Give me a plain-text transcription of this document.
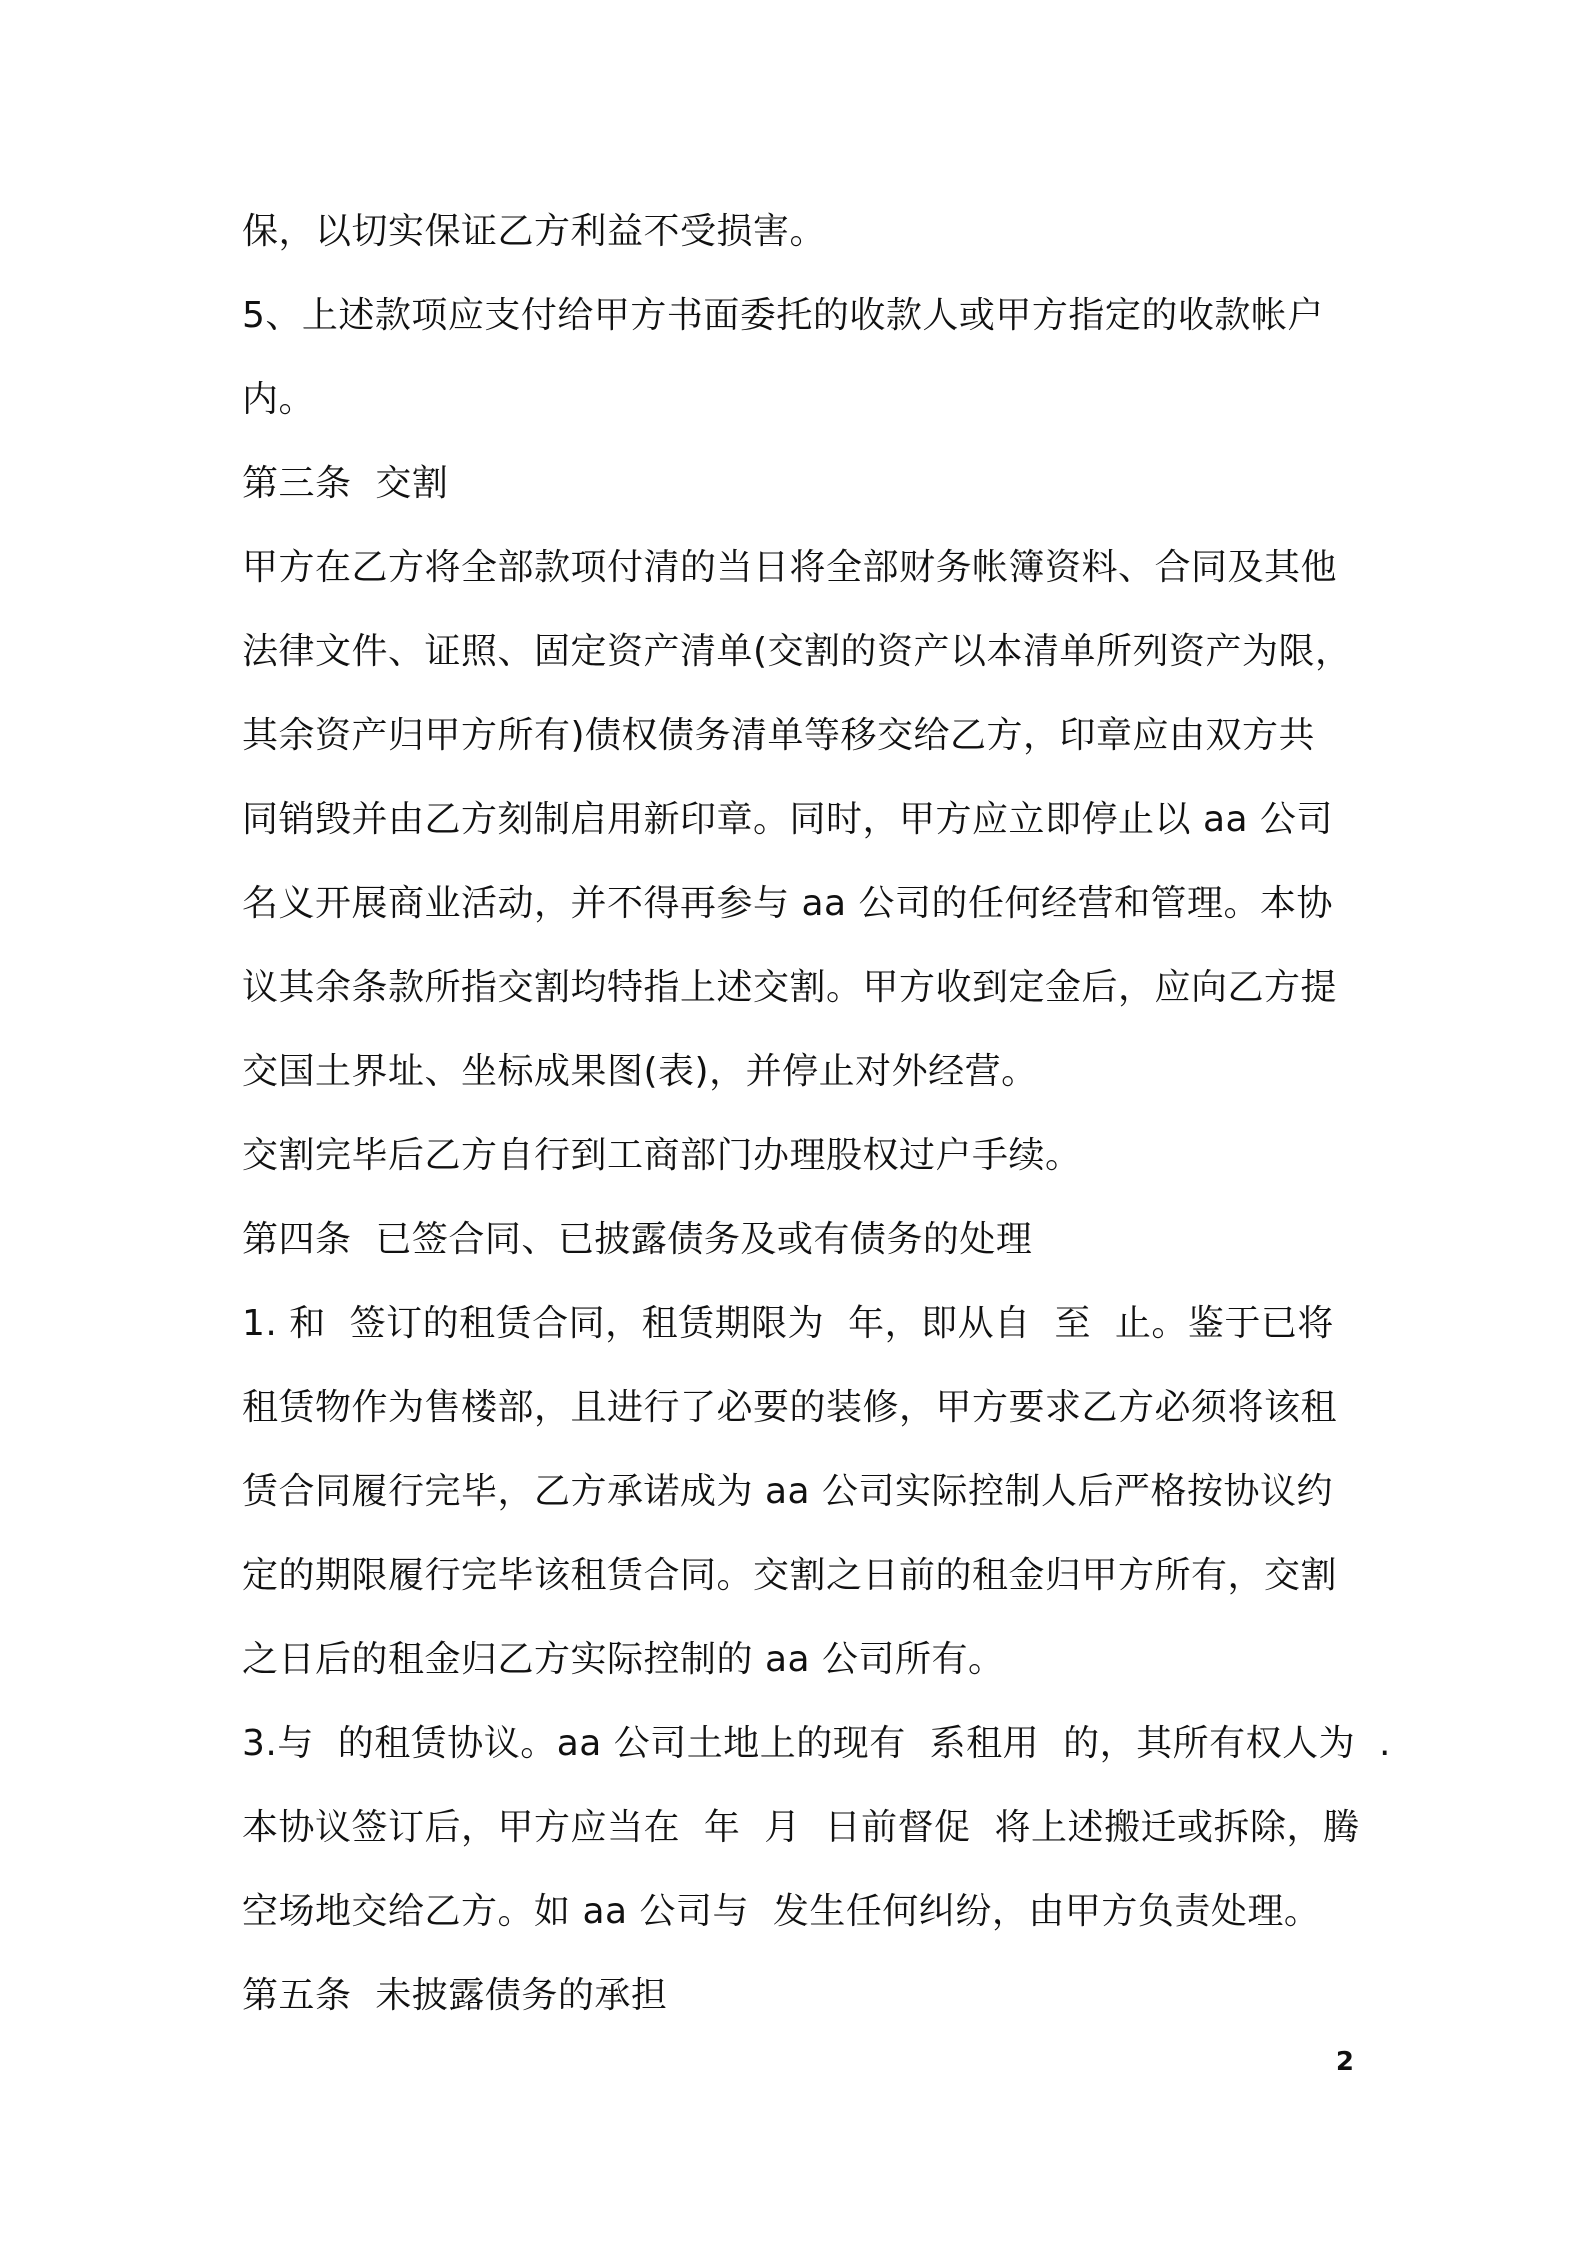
保，以切实保证乙方利益不受损害。
5、上述款项应支付给甲方书面委托的收款人或甲方指定的收款帐户
内。
第三条  交割
甲方在乙方将全部款项付清的当日将全部财务帐簿资料、合同及其他
法律文件、证照、固定资产清单(交割的资产以本清单所列资产为限，
其余资产归甲方所有)债权债务清单等移交给乙方，印章应由双方共
同销毁并由乙方刻制启用新印章。同时，甲方应立即停止以 aa 公司
名义开展商业活动，并不得再参与 aa 公司的任何经营和管理。本协
议其余条款所指交割均特指上述交割。甲方收到定金后，应向乙方提
交国土界址、坐标成果图(表)，并停止对外经营。
交割完毕后乙方自行到工商部门办理股权过户手续。
第四条  已签合同、已披露债务及或有债务的处理
1. 和  签订的租赁合同，租赁期限为  年，即从自  至  止。鉴于已将
租赁物作为售楼部，且进行了必要的装修，甲方要求乙方必须将该租
赁合同履行完毕，乙方承诺成为 aa 公司实际控制人后严格按协议约
定的期限履行完毕该租赁合同。交割之日前的租金归甲方所有，交割
之日后的租金归乙方实际控制的 aa 公司所有。
3.与  的租赁协议。aa 公司土地上的现有  系租用  的，其所有权人为  .
本协议签订后，甲方应当在  年  月  日前督促  将上述搬迁或拆除，腾
空场地交给乙方。如 aa 公司与  发生任何纠纷，由甲方负责处理。
第五条  未披露债务的承担
2
